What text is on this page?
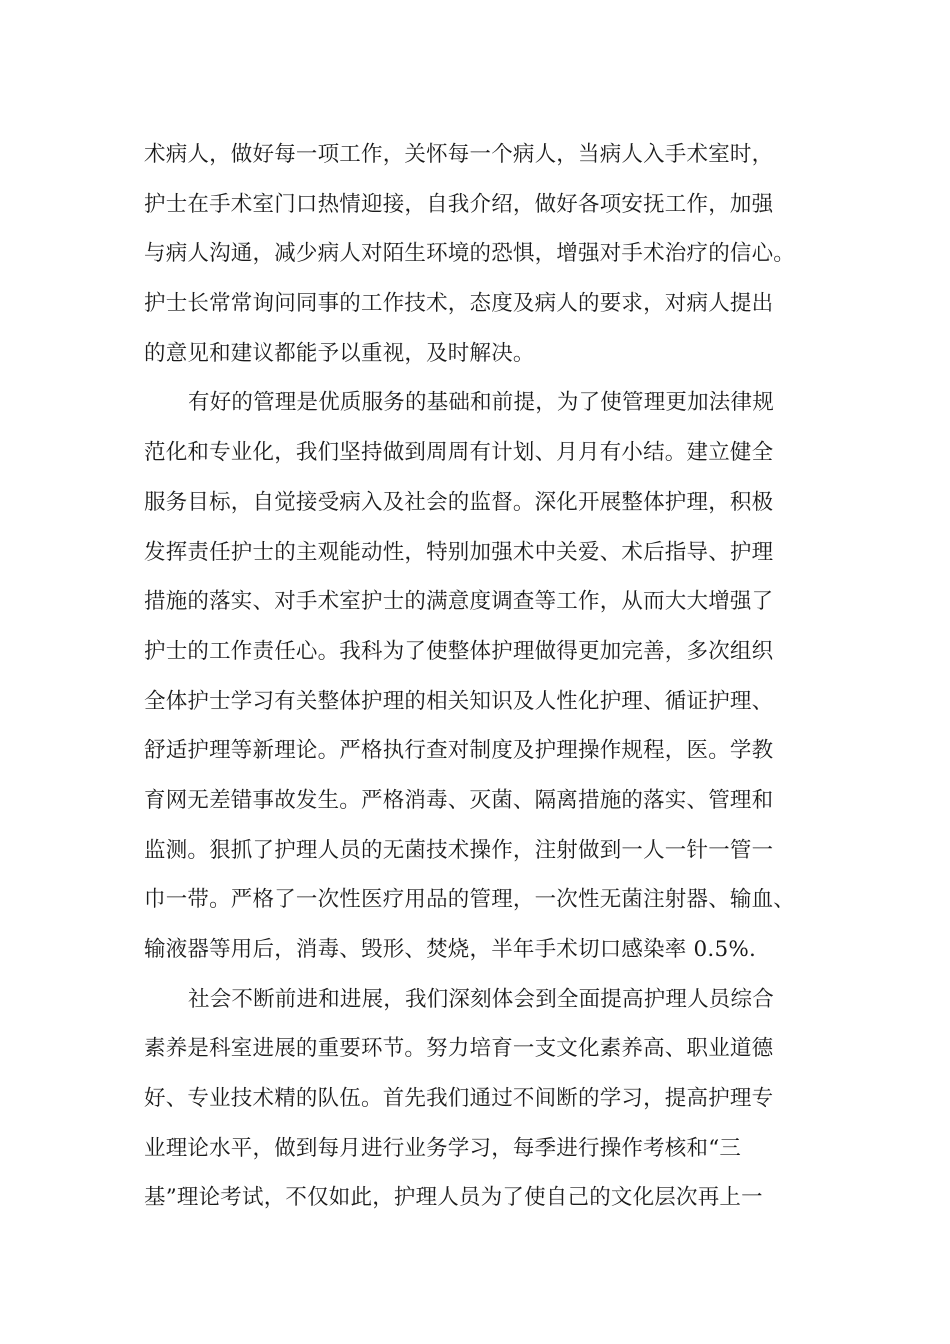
术病人，做好每一项工作，关怀每一个病人，当病人入手术室时，
护士在手术室门口热情迎接，自我介绍，做好各项安抚工作，加强
与病人沟通，减少病人对陌生环境的恐惧，增强对手术治疗的信心。
护士长常常询问同事的工作技术，态度及病人的要求，对病人提出
的意见和建议都能予以重视，及时解决。
有好的管理是优质服务的基础和前提，为了使管理更加法律规
范化和专业化，我们坚持做到周周有计划、月月有小结。建立健全
服务目标，自觉接受病入及社会的监督。深化开展整体护理，积极
发挥责任护士的主观能动性，特别加强术中关爱、术后指导、护理
措施的落实、对手术室护士的满意度调查等工作，从而大大增强了
护士的工作责任心。我科为了使整体护理做得更加完善，多次组织
全体护士学习有关整体护理的相关知识及人性化护理、循证护理、
舒适护理等新理论。严格执行查对制度及护理操作规程，医。学教
育网无差错事故发生。严格消毒、灭菌、隔离措施的落实、管理和
监测。狠抓了护理人员的无菌技术操作，注射做到一人一针一管一
巾一带。严格了一次性医疗用品的管理，一次性无菌注射器、输血、
输液器等用后，消毒、毁形、焚烧，半年手术切口感染率 0.5%.
社会不断前进和进展，我们深刻体会到全面提高护理人员综合
素养是科室进展的重要环节。努力培育一支文化素养高、职业道德
好、专业技术精的队伍。首先我们通过不间断的学习，提高护理专
业理论水平，做到每月进行业务学习，每季进行操作考核和“三
基”理论考试，不仅如此，护理人员为了使自己的文化层次再上一
